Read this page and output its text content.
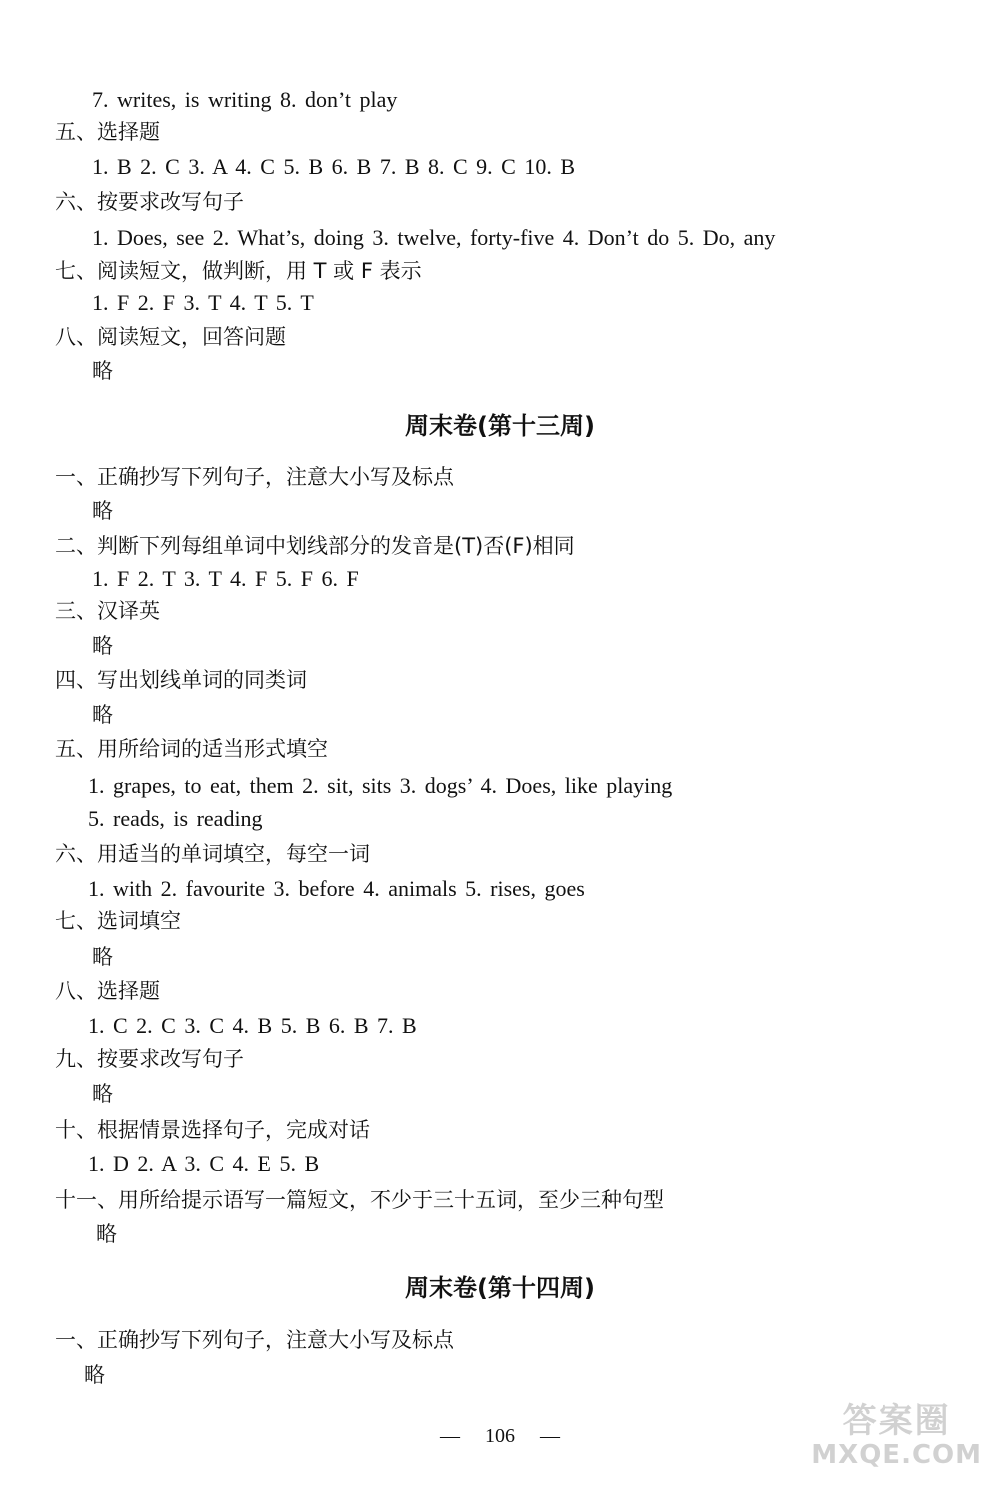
7. writes, is writing 8. don’t play
五、选择题
1. B 2. C 3. A 4. C 5. B 6. B 7. B 8. C 9. C 10. B
六、按要求改写句子
1. Does, see 2. What’s, doing 3. twelve, forty-five 4. Don’t do 5. Do, any
七、阅读短文，做判断，用 T 或 F 表示
1. F 2. F 3. T 4. T 5. T
八、阅读短文，回答问题
略
周末卷(第十三周)
一、正确抄写下列句子，注意大小写及标点
略
二、判断下列每组单词中划线部分的发音是(T)否(F)相同
1. F 2. T 3. T 4. F 5. F 6. F
三、汉译英
略
四、写出划线单词的同类词
略
五、用所给词的适当形式填空
1. grapes, to eat, them 2. sit, sits 3. dogs’ 4. Does, like playing
5. reads, is reading
六、用适当的单词填空，每空一词
1. with 2. favourite 3. before 4. animals 5. rises, goes
七、选词填空
略
八、选择题
1. C 2. C 3. C 4. B 5. B 6. B 7. B
九、按要求改写句子
略
十、根据情景选择句子，完成对话
1. D 2. A 3. C 4. E 5. B
十一、用所给提示语写一篇短文，不少于三十五词，至少三种句型
略
周末卷(第十四周)
一、正确抄写下列句子，注意大小写及标点
略
— 106 —	答案圈
MXQE.COM
